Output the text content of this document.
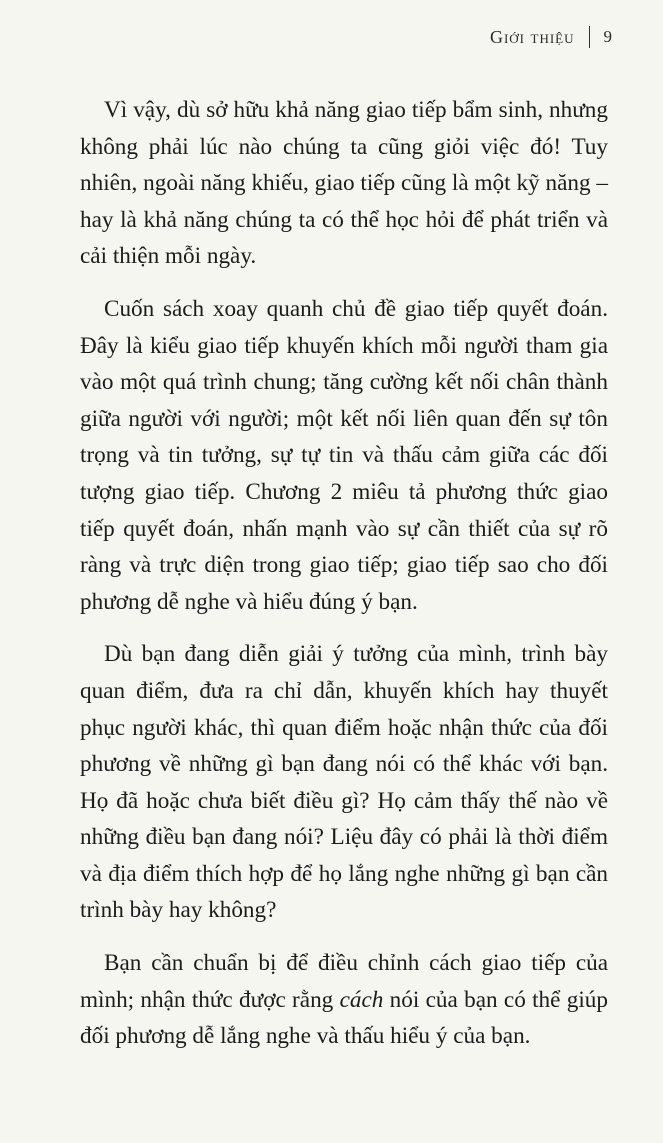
Giới thiệu 9

Vì vậy, dù sở hữu khả năng giao tiếp bẩm sinh, nhưng không phải lúc nào chúng ta cũng giỏi việc đó! Tuy nhiên, ngoài năng khiếu, giao tiếp cũng là một kỹ năng – hay là khả năng chúng ta có thể học hỏi để phát triển và cải thiện mỗi ngày.

Cuốn sách xoay quanh chủ đề giao tiếp quyết đoán. Đây là kiểu giao tiếp khuyến khích mỗi người tham gia vào một quá trình chung; tăng cường kết nối chân thành giữa người với người; một kết nối liên quan đến sự tôn trọng và tin tưởng, sự tự tin và thấu cảm giữa các đối tượng giao tiếp. Chương 2 miêu tả phương thức giao tiếp quyết đoán, nhấn mạnh vào sự cần thiết của sự rõ ràng và trực diện trong giao tiếp; giao tiếp sao cho đối phương dễ nghe và hiểu đúng ý bạn.

Dù bạn đang diễn giải ý tưởng của mình, trình bày quan điểm, đưa ra chỉ dẫn, khuyến khích hay thuyết phục người khác, thì quan điểm hoặc nhận thức của đối phương về những gì bạn đang nói có thể khác với bạn. Họ đã hoặc chưa biết điều gì? Họ cảm thấy thế nào về những điều bạn đang nói? Liệu đây có phải là thời điểm và địa điểm thích hợp để họ lắng nghe những gì bạn cần trình bày hay không?

Bạn cần chuẩn bị để điều chỉnh cách giao tiếp của mình; nhận thức được rằng cách nói của bạn có thể giúp đối phương dễ lắng nghe và thấu hiểu ý của bạn.
